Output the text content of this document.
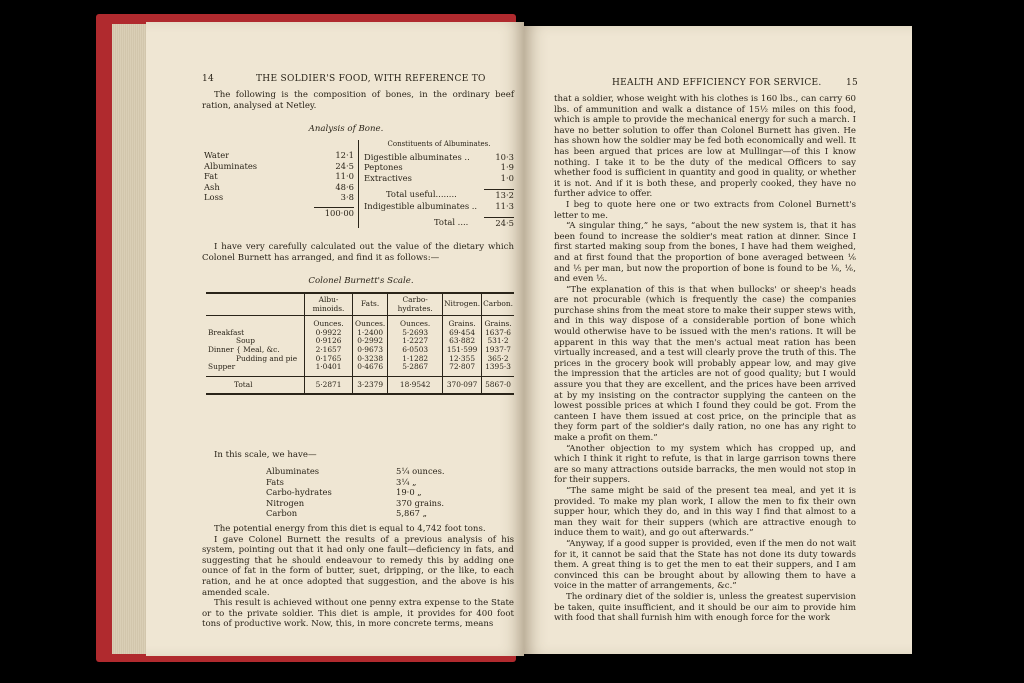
14	THE SOLDIER'S FOOD, WITH REFERENCE TO

The following is the composition of bones, in the ordinary beef ration, analysed at Netley.

Analysis of Bone.

Water	12·1
Albuminates	24·5
Fat	11·0
Ash	48·6
Loss	3·8
100·00
Constituents of Albuminates.
Digestible albuminates ..	10·3
Peptones	1·9
Extractives	1·0
Total useful........	13·2
Indigestible albuminates ..	11·3
Total ....	24·5

I have very carefully calculated out the value of the dietary which Colonel Burnett has arranged, and find it as follows:—

Colonel Burnett's Scale.

	Albu-minoids.	Fats.	Carbo-hydrates.	Nitrogen.	Carbon.
	Ounces.	Ounces.	Ounces.	Grains.	Grains.
Breakfast	0·9922	1·2400	5·2693	69·454	1637·6
Soup	0·9126	0·2992	1·2227	63·882	531·2
Dinner { Meal, &c.	2·1657	0·9673	6·0503	151·599	1937·7
Pudding and pie	0·1765	0·3238	1·1282	12·355	365·2
Supper	1·0401	0·4676	5·2867	72·807	1395·3
Total	5·2871	3·2379	18·9542	370·097	5867·0

In this scale, we have—

Albuminates	5¼ ounces.
Fats	3¼ „
Carbo-hydrates	19·0 „
Nitrogen	370 grains.
Carbon	5,867 „

The potential energy from this diet is equal to 4,742 foot tons.

I gave Colonel Burnett the results of a previous analysis of his system, pointing out that it had only one fault—deficiency in fats, and suggesting that he should endeavour to remedy this by adding one ounce of fat in the form of butter, suet, dripping, or the like, to each ration, and he at once adopted that suggestion, and the above is his amended scale.

This result is achieved without one penny extra expense to the State or to the private soldier. This diet is ample, it provides for 400 foot tons of productive work. Now, this, in more concrete terms, means

HEALTH AND EFFICIENCY FOR SERVICE.	15

that a soldier, whose weight with his clothes is 160 lbs., can carry 60 lbs. of ammunition and walk a distance of 15½ miles on this food, which is ample to provide the mechanical energy for such a march. I have no better solution to offer than Colonel Burnett has given. He has shown how the soldier may be fed both economically and well. It has been argued that prices are low at Mullingar—of this I know nothing. I take it to be the duty of the medical Officers to say whether food is sufficient in quantity and good in quality, or whether it is not. And if it is both these, and properly cooked, they have no further advice to offer.

I beg to quote here one or two extracts from Colonel Burnett's letter to me.

“A singular thing,” he says, “about the new system is, that it has been found to increase the soldier's meat ration at dinner. Since I first started making soup from the bones, I have had them weighed, and at first found that the proportion of bone averaged between ⅙ and ⅕ per man, but now the proportion of bone is found to be ⅛, ⅙, and even ⅕.

“The explanation of this is that when bullocks' or sheep's heads are not procurable (which is frequently the case) the companies purchase shins from the meat store to make their supper stews with, and in this way dispose of a considerable portion of bone which would otherwise have to be issued with the men's rations. It will be apparent in this way that the men's actual meat ration has been virtually increased, and a test will clearly prove the truth of this. The prices in the grocery book will probably appear low, and may give the impression that the articles are not of good quality; but I would assure you that they are excellent, and the prices have been arrived at by my insisting on the contractor supplying the canteen on the lowest possible prices at which I found they could be got. From the canteen I have them issued at cost price, on the principle that as they form part of the soldier's daily ration, no one has any right to make a profit on them.”

“Another objection to my system which has cropped up, and which I think it right to refute, is that in large garrison towns there are so many attractions outside barracks, the men would not stop in for their suppers.

“The same might be said of the present tea meal, and yet it is provided. To make my plan work, I allow the men to fix their own supper hour, which they do, and in this way I find that almost to a man they wait for their suppers (which are attractive enough to induce them to wait), and go out afterwards.”

“Anyway, if a good supper is provided, even if the men do not wait for it, it cannot be said that the State has not done its duty towards them. A great thing is to get the men to eat their suppers, and I am convinced this can be brought about by allowing them to have a voice in the matter of arrangements, &c.”

The ordinary diet of the soldier is, unless the greatest supervision be taken, quite insufficient, and it should be our aim to provide him with food that shall furnish him with enough force for the work
